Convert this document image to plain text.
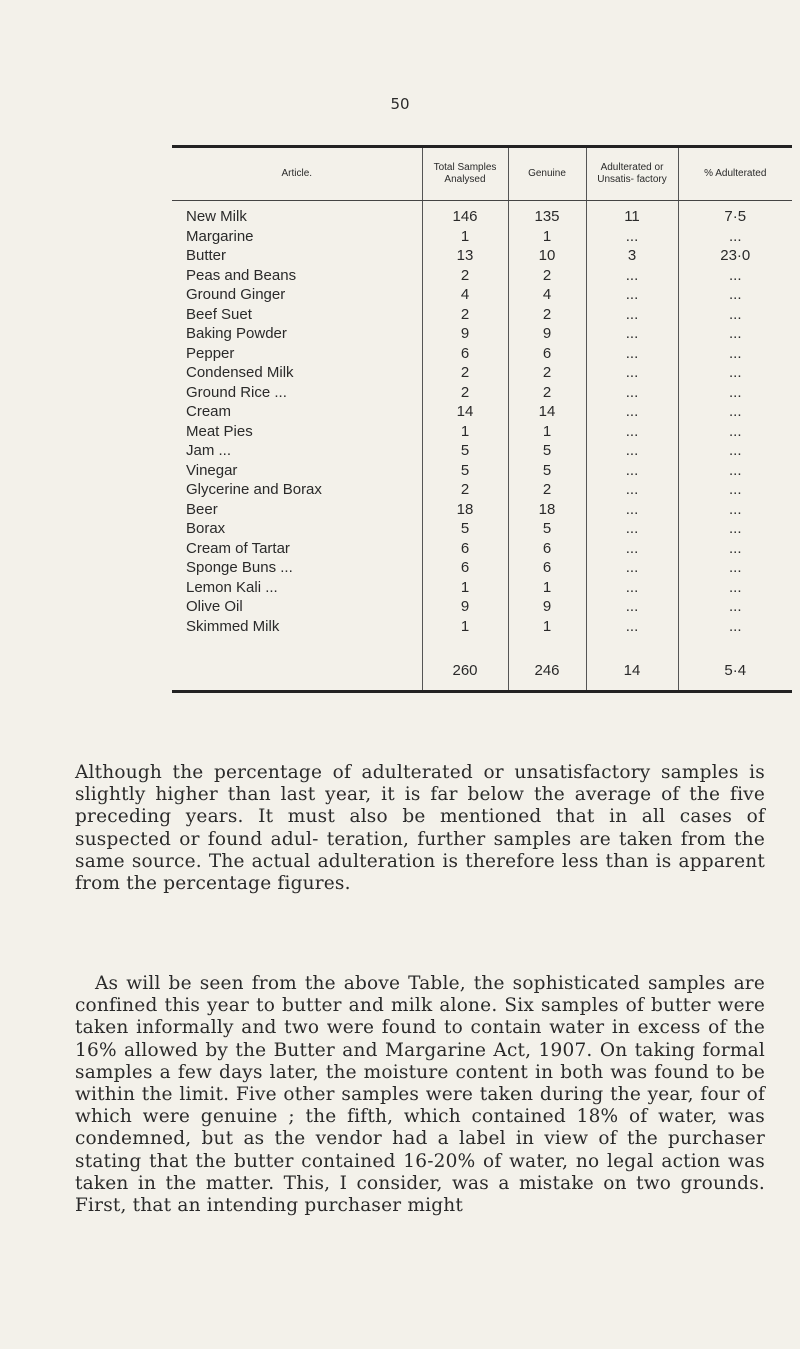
50
Article.	Total Samples Analysed	Genuine	Adulterated or Unsatis- factory	% Adulterated
New Milk	146	135	11	7·5
Margarine	1	1	...	...
Butter	13	10	3	23·0
Peas and Beans	2	2	...	...
Ground Ginger	4	4	...	...
Beef Suet	2	2	...	...
Baking Powder	9	9	...	...
Pepper	6	6	...	...
Condensed Milk	2	2	...	...
Ground Rice ...	2	2	...	...
Cream	14	14	...	...
Meat Pies	1	1	...	...
Jam ...	5	5	...	...
Vinegar	5	5	...	...
Glycerine and Borax	2	2	...	...
Beer	18	18	...	...
Borax	5	5	...	...
Cream of Tartar	6	6	...	...
Sponge Buns ...	6	6	...	...
Lemon Kali ...	1	1	...	...
Olive Oil	9	9	...	...
Skimmed Milk	1	1	...	...

	260	246	14	5·4

Although the percentage of adulterated or unsatisfactory samples is slightly higher than last year, it is far below the average of the five preceding years. It must also be mentioned that in all cases of suspected or found adul- teration, further samples are taken from the same source. The actual adulteration is therefore less than is apparent from the percentage figures.

As will be seen from the above Table, the sophisticated samples are confined this year to butter and milk alone. Six samples of butter were taken informally and two were found to contain water in excess of the 16% allowed by the Butter and Margarine Act, 1907. On taking formal samples a few days later, the moisture content in both was found to be within the limit. Five other samples were taken during the year, four of which were genuine ; the fifth, which contained 18% of water, was condemned, but as the vendor had a label in view of the purchaser stating that the butter contained 16-20% of water, no legal action was taken in the matter. This, I consider, was a mistake on two grounds. First, that an intending purchaser might
